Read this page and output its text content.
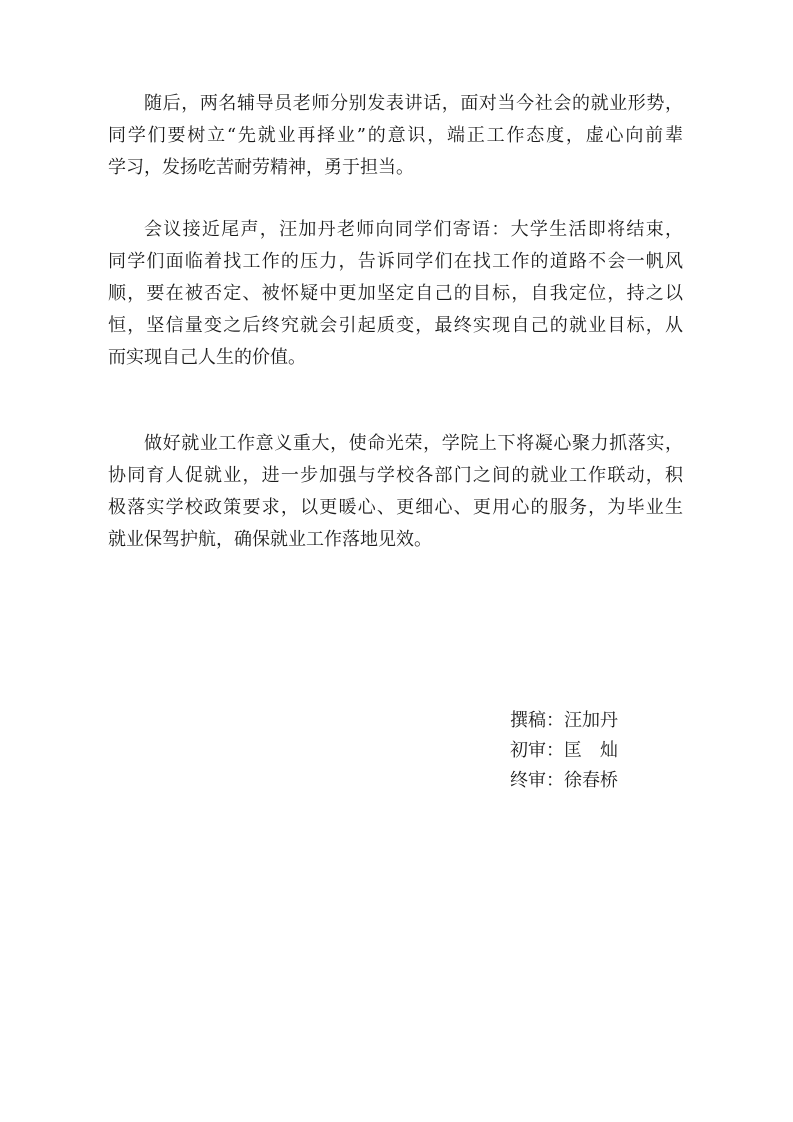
随后，两名辅导员老师分别发表讲话，面对当今社会的就业形势，
同学们要树立“先就业再择业”的意识，端正工作态度，虚心向前辈
学习，发扬吃苦耐劳精神，勇于担当。
会议接近尾声，汪加丹老师向同学们寄语：大学生活即将结束，
同学们面临着找工作的压力，告诉同学们在找工作的道路不会一帆风
顺，要在被否定、被怀疑中更加坚定自己的目标，自我定位，持之以
恒，坚信量变之后终究就会引起质变，最终实现自己的就业目标，从
而实现自己人生的价值。
做好就业工作意义重大，使命光荣，学院上下将凝心聚力抓落实，
协同育人促就业，进一步加强与学校各部门之间的就业工作联动，积
极落实学校政策要求，以更暖心、更细心、更用心的服务，为毕业生
就业保驾护航，确保就业工作落地见效。
撰稿：汪加丹
初审：匡　灿
终审：徐春桥
